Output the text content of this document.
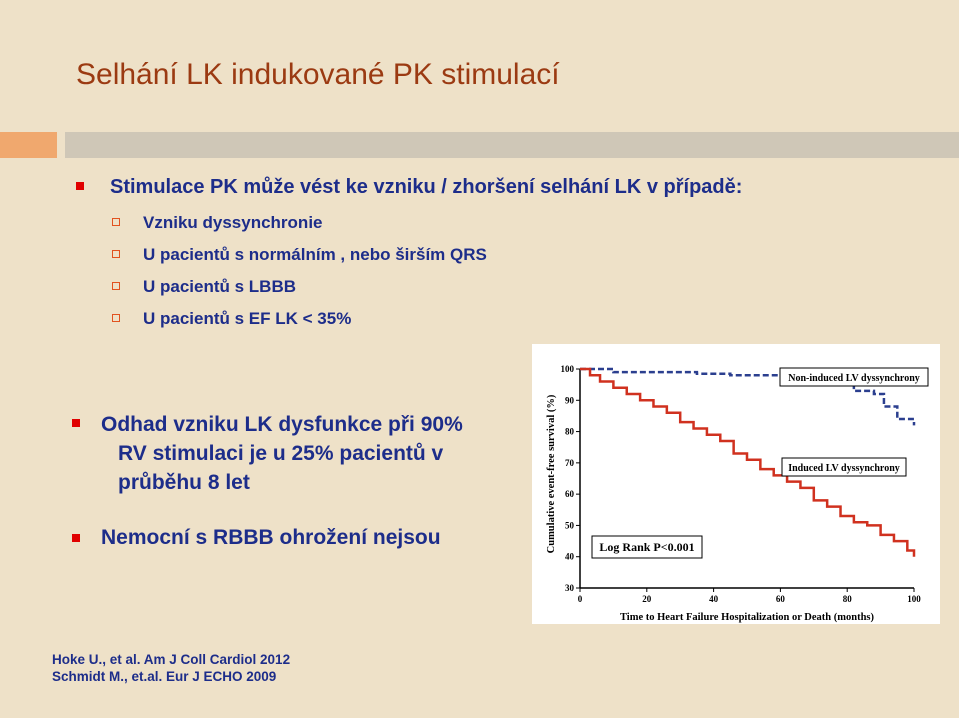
Selhání LK indukované PK stimulací
Stimulace PK může vést ke vzniku / zhoršení selhání LK v případě:
Vzniku dyssynchronie
U pacientů s normálním , nebo širším QRS
U pacientů s LBBB
U pacientů s EF LK < 35%
Odhad vzniku LK dysfunkce při 90%
RV stimulaci je u 25% pacientů v
průběhu 8 let
Nemocní s RBBB ohrožení nejsou
100
90
80
70
60
50
40
30
0	20	40	60	80	100
Cumulative event-free survival (%)
Time to Heart Failure Hospitalization or Death (months)
Non-induced LV dyssynchrony
Induced LV dyssynchrony
Log Rank P<0.001
Hoke U., et al. Am J Coll Cardiol 2012
Schmidt M., et.al. Eur J ECHO 2009
